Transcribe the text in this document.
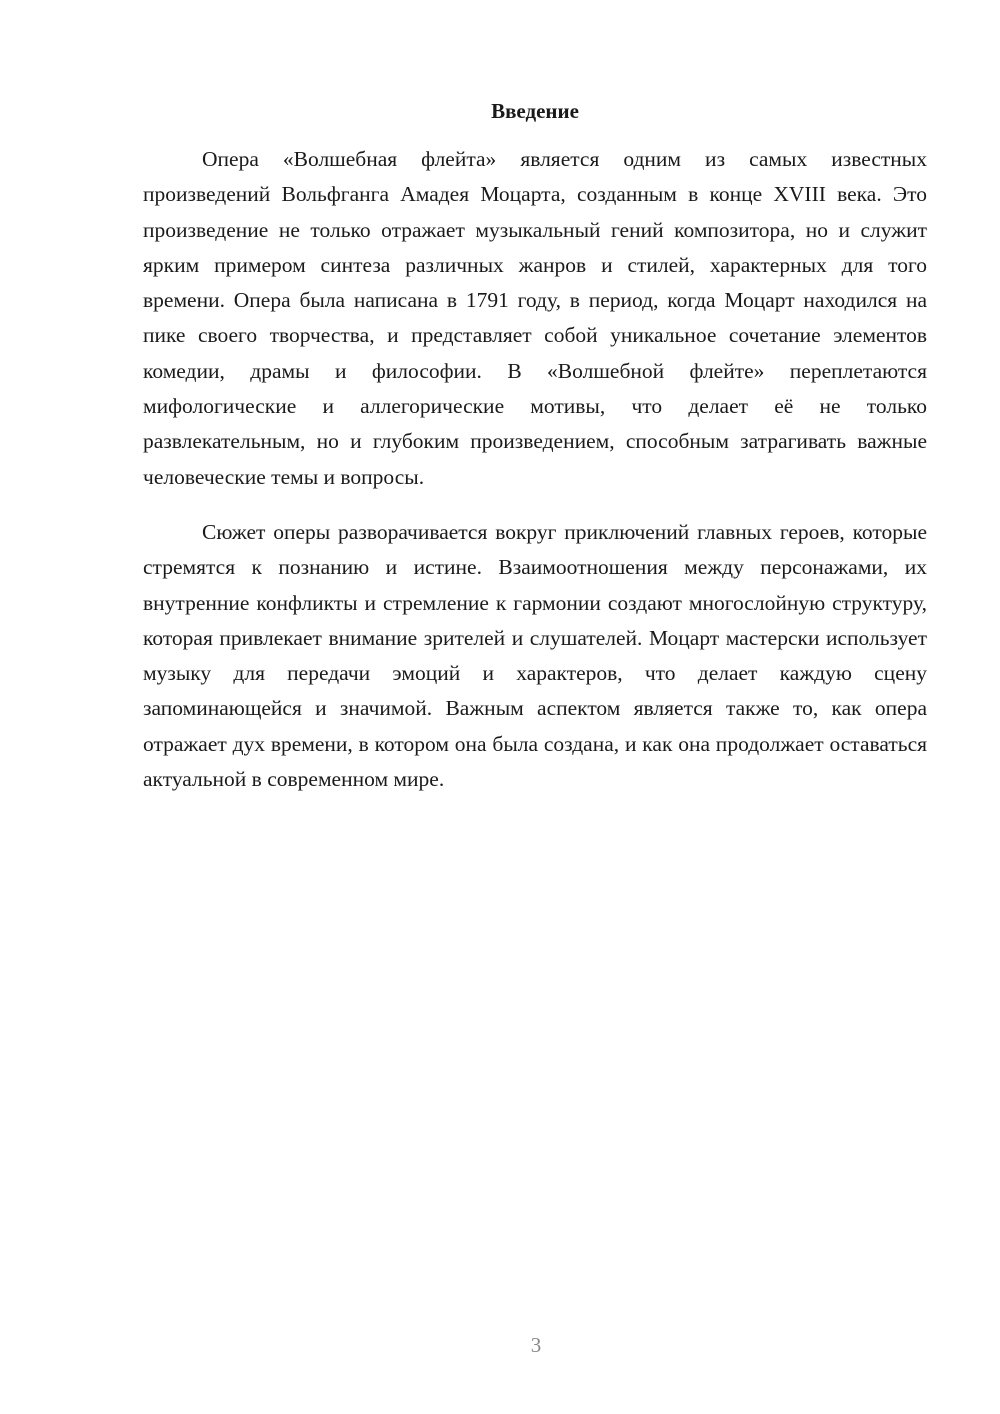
Введение

Опера «Волшебная флейта» является одним из самых известных произведений Вольфганга Амадея Моцарта, созданным в конце XVIII века. Это произведение не только отражает музыкальный гений композитора, но и служит ярким примером синтеза различных жанров и стилей, характерных для того времени. Опера была написана в 1791 году, в период, когда Моцарт находился на пике своего творчества, и представляет собой уникальное сочетание элементов комедии, драмы и философии. В «Волшебной флейте» переплетаются мифологические и аллегорические мотивы, что делает её не только развлекательным, но и глубоким произведением, способным затрагивать важные человеческие темы и вопросы.

Сюжет оперы разворачивается вокруг приключений главных героев, которые стремятся к познанию и истине. Взаимоотношения между персонажами, их внутренние конфликты и стремление к гармонии создают многослойную структуру, которая привлекает внимание зрителей и слушателей. Моцарт мастерски использует музыку для передачи эмоций и характеров, что делает каждую сцену запоминающейся и значимой. Важным аспектом является также то, как опера отражает дух времени, в котором она была создана, и как она продолжает оставаться актуальной в современном мире.

3
